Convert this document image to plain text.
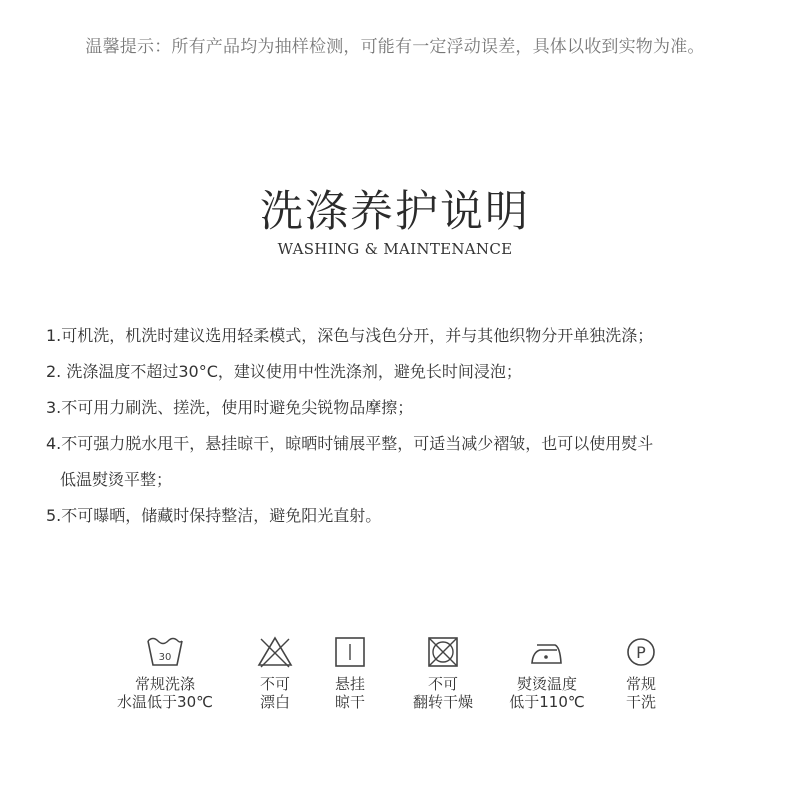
温馨提示：所有产品均为抽样检测，可能有一定浮动误差，具体以收到实物为准。
洗涤养护说明
WASHING & MAINTENANCE
1.可机洗，机洗时建议选用轻柔模式，深色与浅色分开，并与其他织物分开单独洗涤；
2. 洗涤温度不超过30°C，建议使用中性洗涤剂，避免长时间浸泡；
3.不可用力刷洗、搓洗，使用时避免尖锐物品摩擦；
4.不可强力脱水甩干，悬挂晾干，晾晒时铺展平整，可适当减少褶皱，也可以使用熨斗
低温熨烫平整；
5.不可曝晒，储藏时保持整洁，避免阳光直射。
30
常规洗涤
水温低于30℃
不可
漂白
悬挂
晾干
不可
翻转干燥
熨烫温度
低于110℃
P
常规
干洗
